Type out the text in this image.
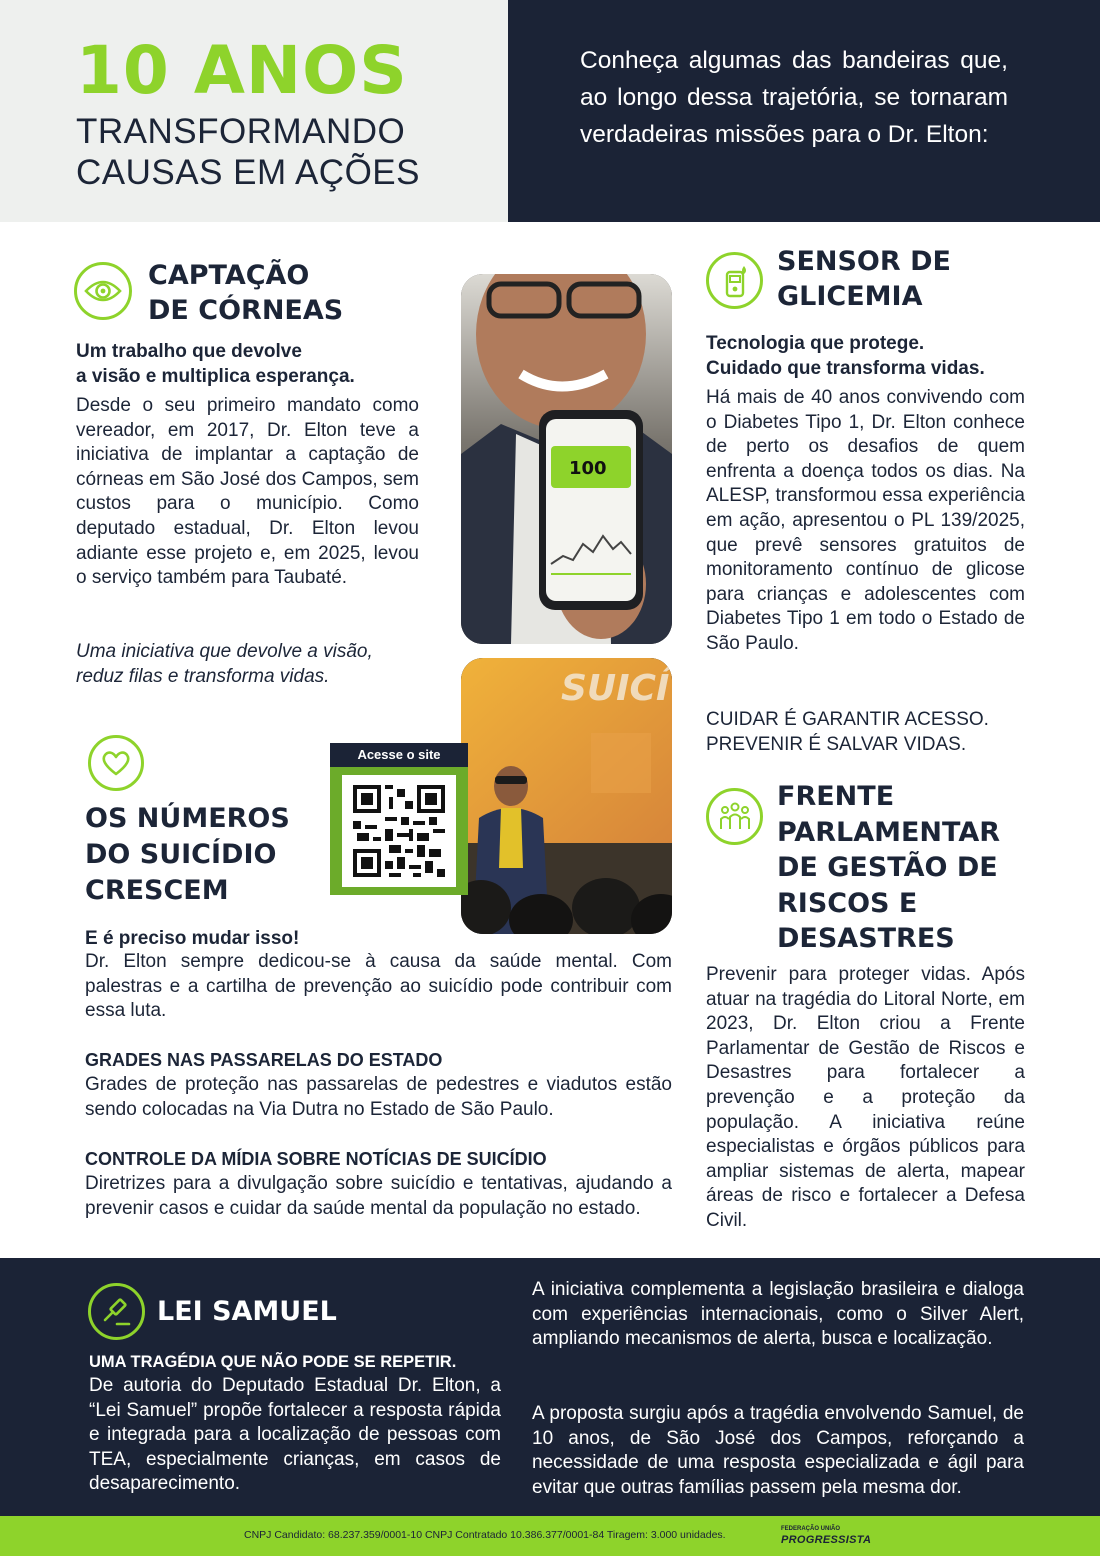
10 ANOS
TRANSFORMANDO
CAUSAS EM AÇÕES
Conheça algumas das bandeiras que, ao longo dessa trajetória, se tornaram verdadeiras missões para o Dr. Elton:
CAPTAÇÃO
DE CÓRNEAS
Um trabalho que devolve
a visão e multiplica esperança.
Desde o seu primeiro mandato como vereador, em 2017, Dr. Elton teve a iniciativa de implantar a captação de córneas em São José dos Campos, sem custos para o município. Como deputado estadual, Dr. Elton levou adiante esse projeto e, em 2025, levou o serviço também para Taubaté.
Uma iniciativa que devolve a visão, reduz filas e transforma vidas.
100
SENSOR DE
GLICEMIA
Tecnologia que protege.
Cuidado que transforma vidas.
Há mais de 40 anos convivendo com o Diabetes Tipo 1, Dr. Elton conhece de perto os desafios de quem enfrenta a doença todos os dias. Na ALESP, transformou essa experiência em ação, apresentou o PL 139/2025, que prevê sensores gratuitos de monitoramento contínuo de glicose para crianças e adolescentes com Diabetes Tipo 1 em todo o Estado de São Paulo.
CUIDAR É GARANTIR ACESSO.
PREVENIR É SALVAR VIDAS.
SUICÍ
Acesse o site
OS NÚMEROS
DO SUICÍDIO
CRESCEM
E é preciso mudar isso!
Dr. Elton sempre dedicou-se à causa da saúde mental. Com palestras e a cartilha de prevenção ao suicídio pode contribuir com essa luta.
GRADES NAS PASSARELAS DO ESTADO
Grades de proteção nas passarelas de pedestres e viadutos estão sendo colocadas na Via Dutra no Estado de São Paulo.
CONTROLE DA MÍDIA SOBRE NOTÍCIAS DE SUICÍDIO
Diretrizes para a divulgação sobre suicídio e tentativas, ajudando a prevenir casos e cuidar da saúde mental da população no estado.
FRENTE
PARLAMENTAR
DE GESTÃO DE
RISCOS E
DESASTRES
Prevenir para proteger vidas. Após atuar na tragédia do Litoral Norte, em 2023, Dr. Elton criou a Frente Parlamentar de Gestão de Riscos e Desastres para fortalecer a prevenção e a proteção da população. A iniciativa reúne especialistas e órgãos públicos para ampliar sistemas de alerta, mapear áreas de risco e fortalecer a Defesa Civil.
LEI SAMUEL
UMA TRAGÉDIA QUE NÃO PODE SE REPETIR.
De autoria do Deputado Estadual Dr. Elton, a “Lei Samuel” propõe fortalecer a resposta rápida e integrada para a localização de pessoas com TEA, especialmente crianças, em casos de desaparecimento.
A iniciativa complementa a legislação brasileira e dialoga com experiências internacionais, como o Silver Alert, ampliando mecanismos de alerta, busca e localização.
A proposta surgiu após a tragédia envolvendo Samuel, de 10 anos, de São José dos Campos, reforçando a necessidade de uma resposta especializada e ágil para evitar que outras famílias passem pela mesma dor.
CNPJ Candidato: 68.237.359/0001-10 CNPJ Contratado 10.386.377/0001-84 Tiragem: 3.000 unidades.	FEDERAÇÃO UNIÃO
PROGRESSISTA
